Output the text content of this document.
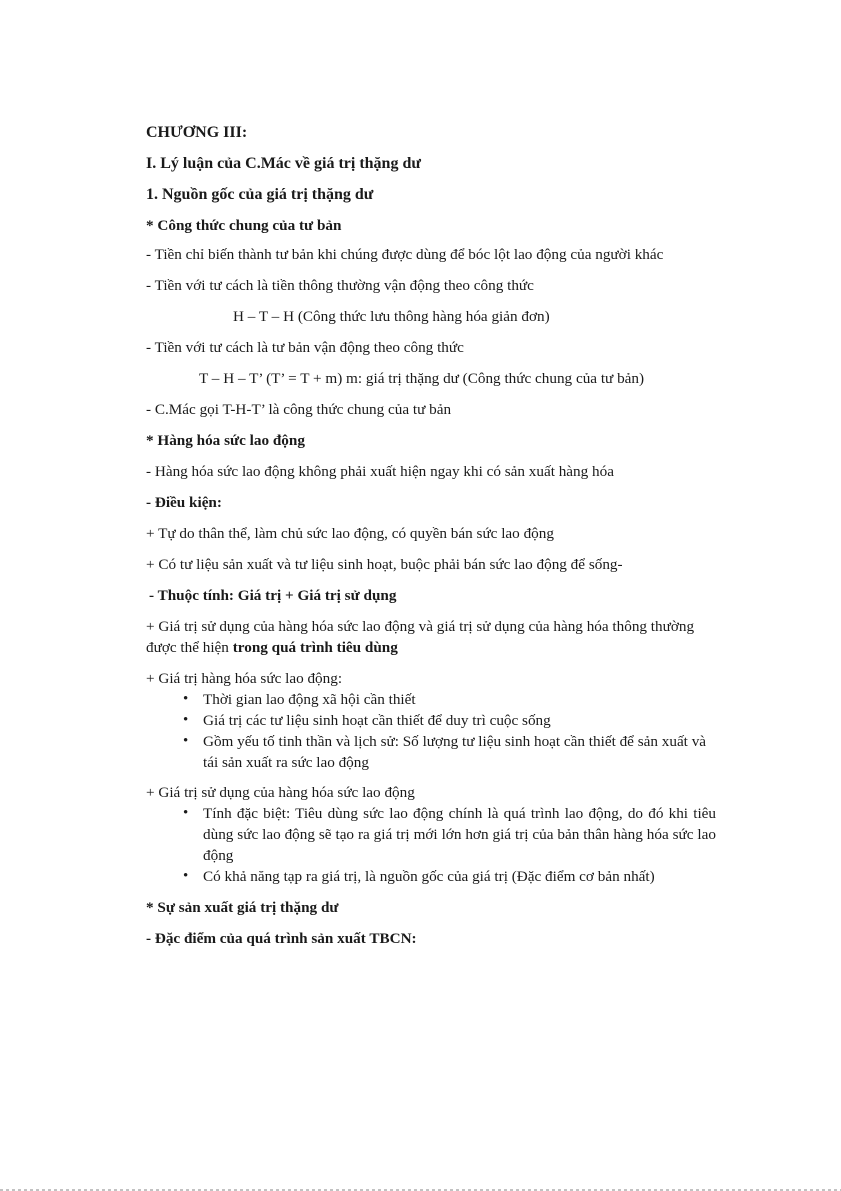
CHƯƠNG III:

I. Lý luận của C.Mác về giá trị thặng dư

1. Nguồn gốc của giá trị thặng dư

* Công thức chung của tư bản

- Tiền chỉ biến thành tư bản khi chúng được dùng để bóc lột lao động của người khác

- Tiền với tư cách là tiền thông thường vận động theo công thức

H – T – H (Công thức lưu thông hàng hóa giản đơn)

- Tiền với tư cách là tư bản vận động theo công thức

T – H – T’ (T’ = T + m) m: giá trị thặng dư (Công thức chung của tư bản)

- C.Mác gọi T-H-T’ là công thức chung của tư bản

* Hàng hóa sức lao động

- Hàng hóa sức lao động không phải xuất hiện ngay khi có sản xuất hàng hóa

- Điều kiện:

+ Tự do thân thể, làm chủ sức lao động, có quyền bán sức lao động

+ Có tư liệu sản xuất và tư liệu sinh hoạt, buộc phải bán sức lao động để sống-

- Thuộc tính: Giá trị + Giá trị sử dụng

+ Giá trị sử dụng của hàng hóa sức lao động và giá trị sử dụng của hàng hóa thông thường được thể hiện trong quá trình tiêu dùng

+ Giá trị hàng hóa sức lao động:

• Thời gian lao động xã hội cần thiết
• Giá trị các tư liệu sinh hoạt cần thiết để duy trì cuộc sống
• Gồm yếu tố tinh thần và lịch sử: Số lượng tư liệu sinh hoạt cần thiết để sản xuất và tái sản xuất ra sức lao động

+ Giá trị sử dụng của hàng hóa sức lao động

• Tính đặc biệt: Tiêu dùng sức lao động chính là quá trình lao động, do đó khi tiêu dùng sức lao động sẽ tạo ra giá trị mới lớn hơn giá trị của bản thân hàng hóa sức lao động
• Có khả năng tạp ra giá trị, là nguồn gốc của giá trị (Đặc điểm cơ bản nhất)

* Sự sản xuất giá trị thặng dư

- Đặc điểm của quá trình sản xuất TBCN:
